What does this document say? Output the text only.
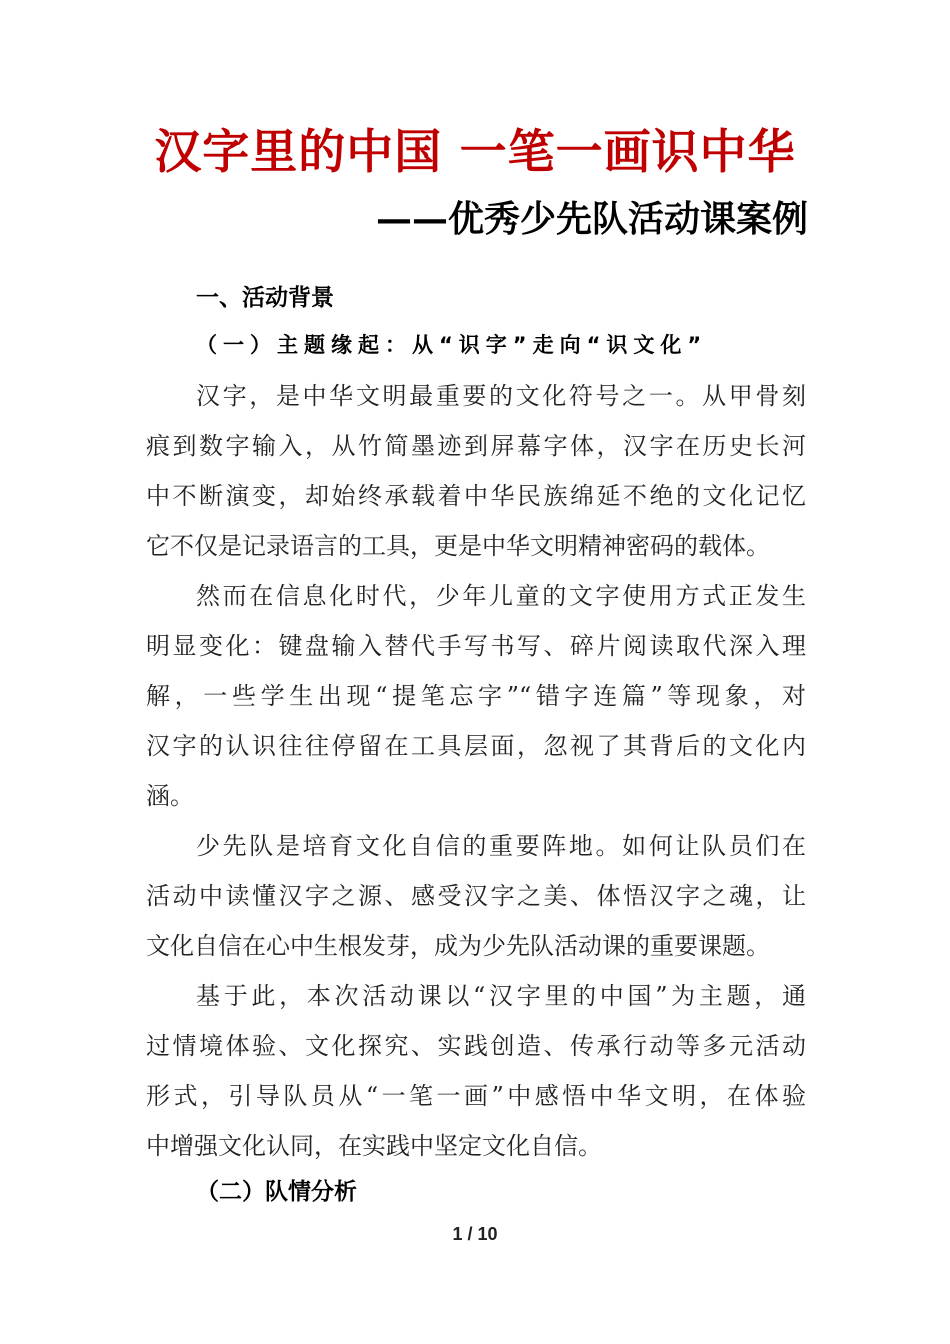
汉字里的中国 一笔一画识中华
——优秀少先队活动课案例
一、活动背景
（一）主题缘起：从“识字”走向“识文化”
汉字，是中华文明最重要的文化符号之一。从甲骨刻
痕到数字输入，从竹简墨迹到屏幕字体，汉字在历史长河
中不断演变，却始终承载着中华民族绵延不绝的文化记忆
它不仅是记录语言的工具，更是中华文明精神密码的载体。
然而在信息化时代，少年儿童的文字使用方式正发生
明显变化：键盘输入替代手写书写、碎片阅读取代深入理
解，一些学生出现“提笔忘字”“错字连篇”等现象，对
汉字的认识往往停留在工具层面，忽视了其背后的文化内
涵。
少先队是培育文化自信的重要阵地。如何让队员们在
活动中读懂汉字之源、感受汉字之美、体悟汉字之魂，让
文化自信在心中生根发芽，成为少先队活动课的重要课题。
基于此，本次活动课以“汉字里的中国”为主题，通
过情境体验、文化探究、实践创造、传承行动等多元活动
形式，引导队员从“一笔一画”中感悟中华文明，在体验
中增强文化认同，在实践中坚定文化自信。
（二）队情分析
1 / 10
